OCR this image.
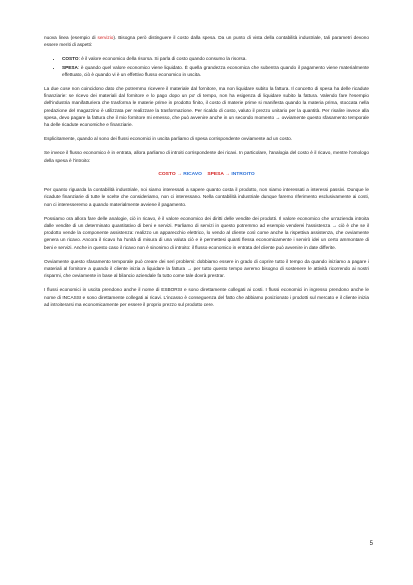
nuova linea (esempio di servizio). Bisogna però distinguere il costo dalla spesa. Da un punto di vista della contabilità industriale, tali parametri devono essere meriti di aspetti:

• COSTO: è il valore economico della risorsa. Si parla di costo quando consumo la risorsa.
• SPESA: è quando quel valore economico viene liquidato. È quella grandezza economica che subentra quando il pagamento viene materialmente effettuato, ciò è quando vi è un effettivo flusso economico in uscita.

La due cose non coincidono dato che potremmo ricevere il materiale dal fornitore, ma non liquidare subito la fattura. Il concetto di spesa ha delle ricadute finanziarie: se ricevo dei materiali dal fornitore e lo pago dopo un po' di tempo, non ha esigenza di liquidare subito la fattura. Valendo fare l'esempio dell'industria manifatturiera che trasforma le materie prime in prodotto finito, il costo di materie prime si manifesta quando la materia prima, stoccata nella predazione del magazzino è utilizzata per realizzare la trasformazione. Per ricaldo di costo, valuto il prezzo unitario per la quantità. Per risalire invece alla spesa, devo pagare la fattura che il mio fornitore mi emesso, che può avvenire anche in un secondo momento → ovviamente questo sfasamento temporale ha delle ricadute economiche e finanziarie.

Esplicitamente, quando al sono dei flussi economici in uscita parliamo di spesa corrispondente ovviamente ad un costo.

Se invece il flusso economico è in entrata, allora parliamo di introiti corrispondente dei ricavi. In particolare, l'analogia del costo è il ricavo, mentre l'omologo della spesa è l'introito:

COSTO → RICAVO SPESA → INTROITO

Per quanto riguarda la contabilità industriale, noi siamo interessati a sapere quanto costa il prodotto, non siamo interessati a interessi passivi. Dunque le ricadute finanziarie di tutte le scelte che consideriamo, non ci interessano. Nella contabilità industriale dunque faremo riferimento esclusivamente ai costi, non ci interesseremo a quando materialmente avviene il pagamento.

Possiamo ora allora fare delle analogie, ciò in ricavo, è il valore economico dei diritti delle vendite dei prodotti. Il valore economico che un'azienda introita dalle vendite di un determinato quantitativo di beni e servizi. Parliamo di servizi in questo potremmo ad esempio venderei l'assistenza → ciò è che se il prodotto vende la componente assistenza: realizzo un apparecchio elettrico, lo vendo al cliente così come anche la rispettiva assistenza, che ovviamente genera un ricavo. Ancora il ricavo ha l'unità di misura di una valuta ciò e è permettesi quanti flessa economicamente i servirò idei un certo ammontare di beni e servizi. Anche in questo caso il ricavo non è sinonimo di introito: il flusso economico in entrata del cliente può avvenire in date differite.

Ovviamente questo sfasamento temporale può creare dei seri problemi: dobbiamo essere in grado di coprire tutto il tempo da quando iniziamo a pagare i materiali al fornitore a quando il cliente inizia a liquidare la fattura → per tutto questo tempo avremo bisogno di sostenere le attività ricorrendo ai nostri risparmi, che ovviamente in base al bilancio aziendale fa tutto come tale dovrà prestrar.

I flussi economici in uscita prendono anche il nome di ESBORSI e sono direttamente collegati ai costi. I flussi economici in ingresso prendono anche le nome di INCASSI e sono direttamente collegati ai ricavi. L'incasso è conseguenza del fatto che abbiamo posizionato i prodotti sul mercato e il cliente inizia ad introiterarsi ma economicamente per essere il proprio prezzo sul prodotto cere.

5
